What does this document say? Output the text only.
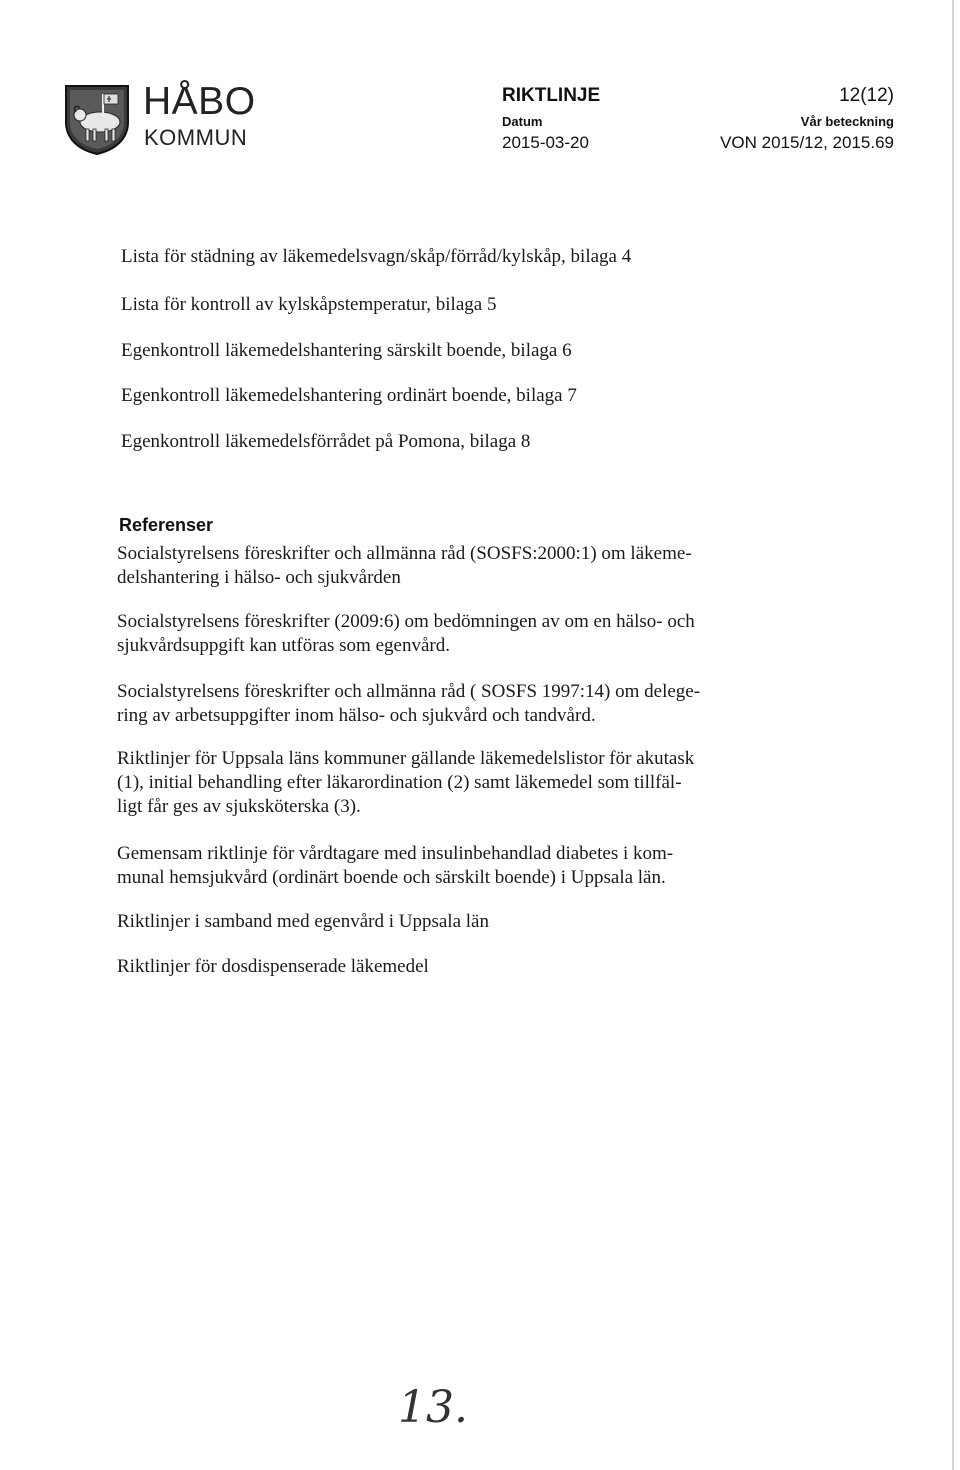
HÅBO
KOMMUN
RIKTLINJE	12(12)
Datum	Vår beteckning
2015-03-20	VON 2015/12, 2015.69
Lista för städning av läkemedelsvagn/skåp/förråd/kylskåp, bilaga 4
Lista för kontroll av kylskåpstemperatur, bilaga 5
Egenkontroll läkemedelshantering särskilt boende, bilaga 6
Egenkontroll läkemedelshantering ordinärt boende, bilaga 7
Egenkontroll läkemedelsförrådet på Pomona, bilaga 8
Referenser
Socialstyrelsens föreskrifter och allmänna råd (SOSFS:2000:1) om läkeme-
delshantering i hälso- och sjukvården
Socialstyrelsens föreskrifter (2009:6) om bedömningen av om en hälso- och
sjukvårdsuppgift kan utföras som egenvård.
Socialstyrelsens föreskrifter och allmänna råd ( SOSFS 1997:14) om delege-
ring av arbetsuppgifter inom hälso- och sjukvård och tandvård.
Riktlinjer för Uppsala läns kommuner gällande läkemedelslistor för akutask
(1), initial behandling efter läkarordination (2) samt läkemedel som tillfäl-
ligt får ges av sjuksköterska (3).
Gemensam riktlinje för vårdtagare med insulinbehandlad diabetes i kom-
munal hemsjukvård (ordinärt boende och särskilt boende) i Uppsala län.
Riktlinjer i samband med egenvård i Uppsala län
Riktlinjer för dosdispenserade läkemedel
13.
